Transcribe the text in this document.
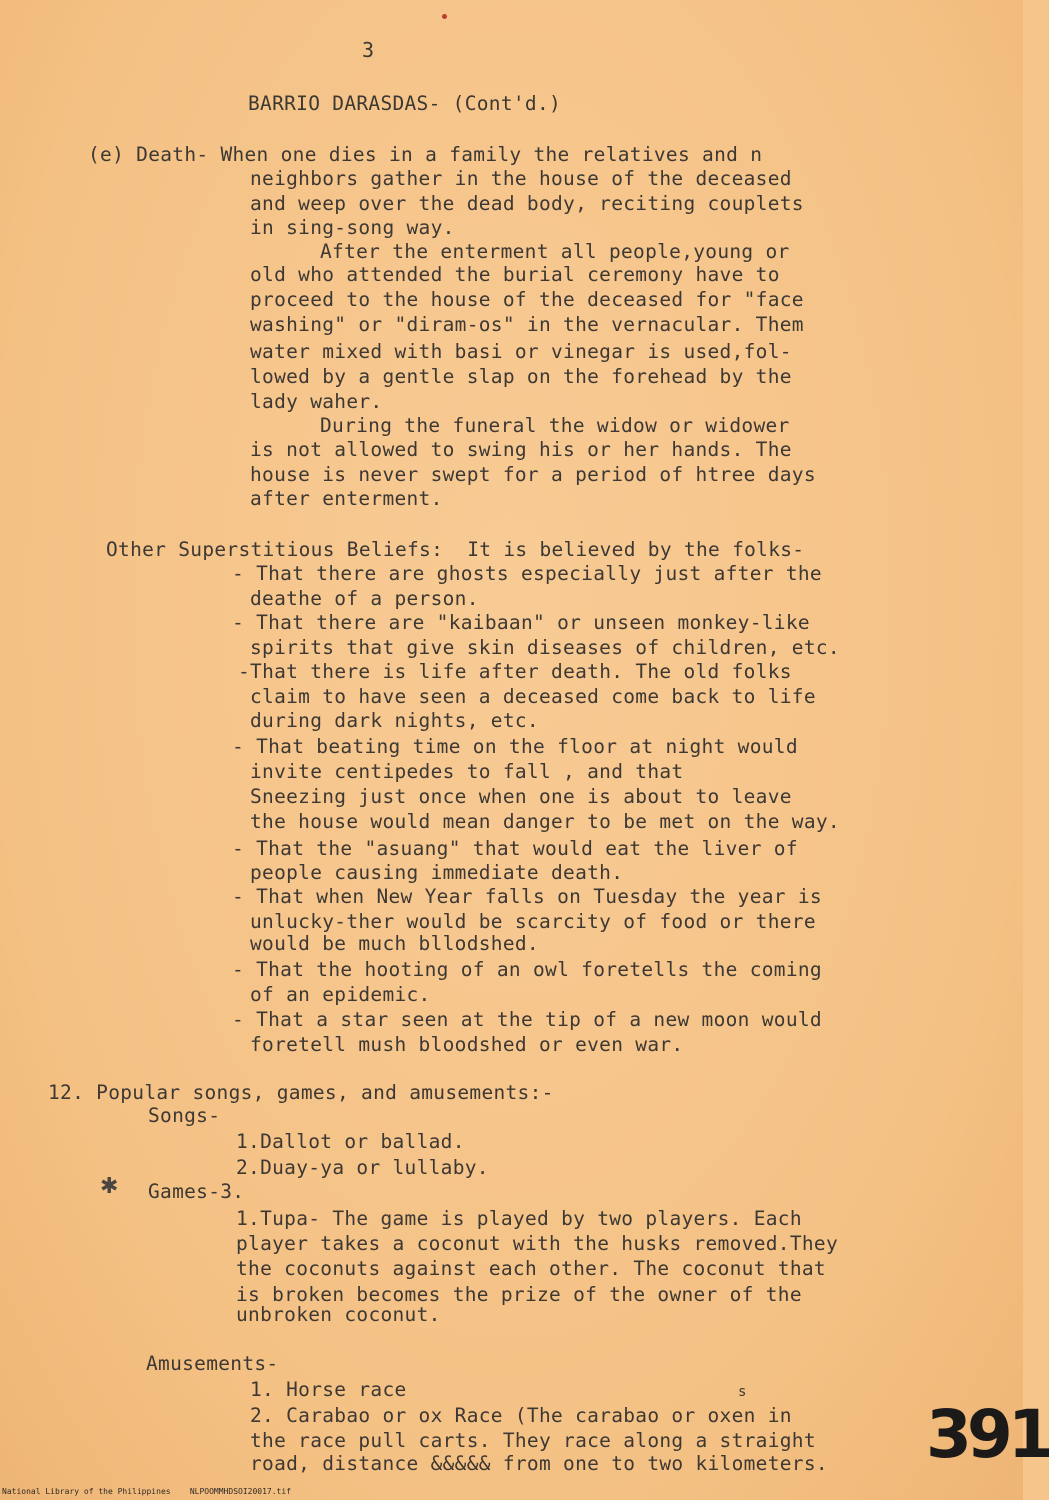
3
BARRIO DARASDAS- (Cont'd.)
(e) Death- When one dies in a family the relatives and n
neighbors gather in the house of the deceased
and weep over the dead body, reciting couplets
in sing-song way.
After the enterment all people,young or
old who attended the burial ceremony have to
proceed to the house of the deceased for "face
washing" or "diram-os" in the vernacular. Them
water mixed with basi or vinegar is used,fol-
lowed by a gentle slap on the forehead by the
lady waher.
During the funeral the widow or widower
is not allowed to swing his or her hands. The
house is never swept for a period of htree days
after enterment.
Other Superstitious Beliefs:  It is believed by the folks-
- That there are ghosts especially just after the
deathe of a person.
- That there are "kaibaan" or unseen monkey-like
spirits that give skin diseases of children, etc.
-That there is life after death. The old folks
claim to have seen a deceased come back to life
during dark nights, etc.
- That beating time on the floor at night would
invite centipedes to fall , and that
Sneezing just once when one is about to leave
the house would mean danger to be met on the way.
- That the "asuang" that would eat the liver of
people causing immediate death.
- That when New Year falls on Tuesday the year is
unlucky-ther would be scarcity of food or there
would be much bllodshed.
- That the hooting of an owl foretells the coming
of an epidemic.
- That a star seen at the tip of a new moon would
foretell mush bloodshed or even war.
12. Popular songs, games, and amusements:-
Songs-
1.Dallot or ballad.
2.Duay-ya or lullaby.
✱ Games-3.
1.Tupa- The game is played by two players. Each
player takes a coconut with the husks removed.They
the coconuts against each other. The coconut that
is broken becomes the prize of the owner of the
unbroken coconut.
Amusements-
1. Horse race	s
2. Carabao or ox Race (The carabao or oxen in
the race pull carts. They race along a straight
road, distance &&&&& from one to two kilometers. 391
National Library of the Philippines    NLPOOMMHDSOI20017.tif
